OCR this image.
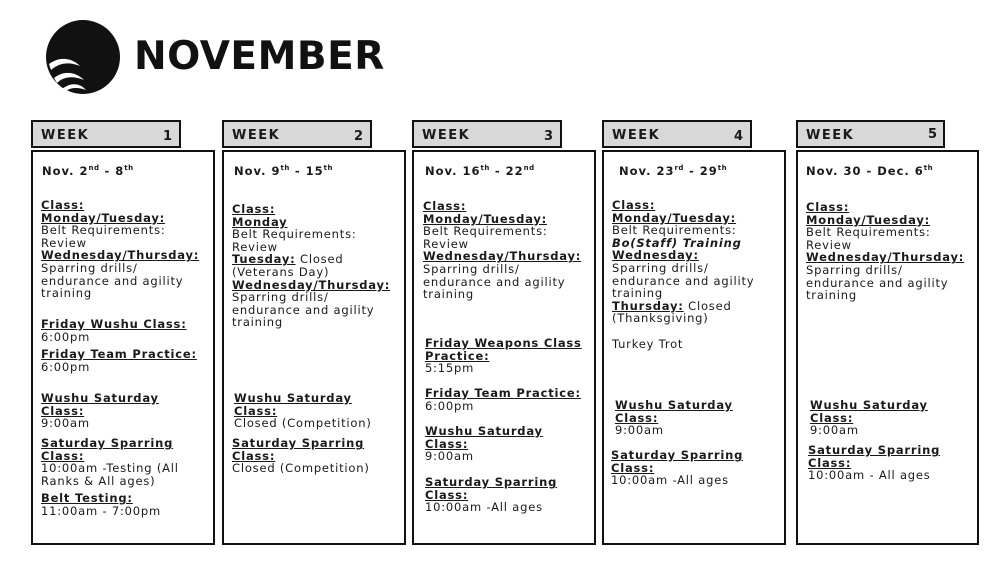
NOVEMBER
WEEK	1
Nov. 2nd - 8th
Class:
Monday/Tuesday:
Belt Requirements:
Review
Wednesday/Thursday:
Sparring drills/
endurance and agility
training
Friday Wushu Class:
6:00pm
Friday Team Practice:
6:00pm
Wushu Saturday
Class:
9:00am
Saturday Sparring
Class:
10:00am -Testing (All
Ranks & All ages)
Belt Testing:
11:00am - 7:00pm
WEEK	2
Nov. 9th - 15th
Class:
Monday
Belt Requirements:
Review
Tuesday: Closed
(Veterans Day)
Wednesday/Thursday:
Sparring drills/
endurance and agility
training
Wushu Saturday
Class:
Closed (Competition)
Saturday Sparring
Class:
Closed (Competition)
WEEK	3
Nov. 16th - 22nd
Class:
Monday/Tuesday:
Belt Requirements:
Review
Wednesday/Thursday:
Sparring drills/
endurance and agility
training
Friday Weapons Class
Practice:
5:15pm
Friday Team Practice:
6:00pm
Wushu Saturday
Class:
9:00am
Saturday Sparring
Class:
10:00am -All ages
WEEK	4
Nov. 23rd - 29th
Class:
Monday/Tuesday:
Belt Requirements:
Bo(Staff) Training
Wednesday:
Sparring drills/
endurance and agility
training
Thursday: Closed
(Thanksgiving)
Turkey Trot
Wushu Saturday
Class:
9:00am
Saturday Sparring
Class:
10:00am -All ages
WEEK	5
Nov. 30 - Dec. 6th
Class:
Monday/Tuesday:
Belt Requirements:
Review
Wednesday/Thursday:
Sparring drills/
endurance and agility
training
Wushu Saturday
Class:
9:00am
Saturday Sparring
Class:
10:00am - All ages
